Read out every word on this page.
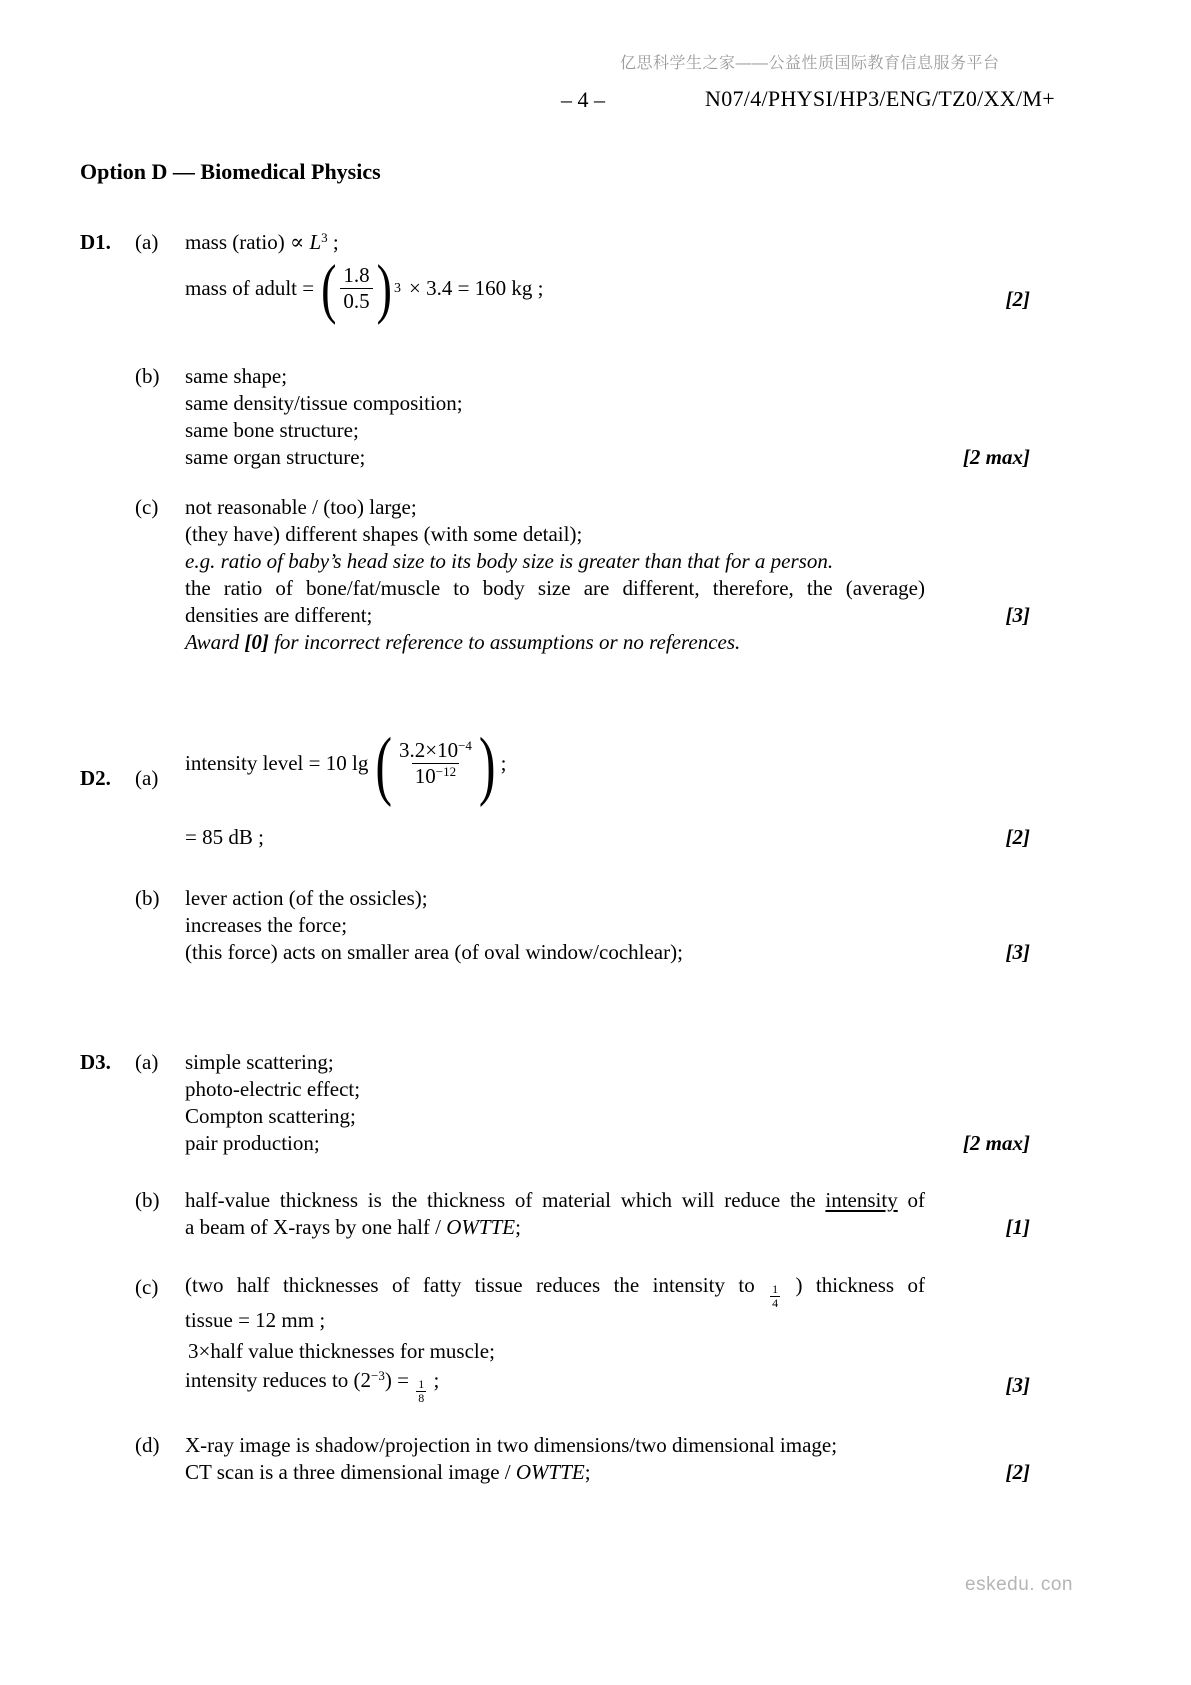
亿思科学生之家——公益性质国际教育信息服务平台
– 4 –	N07/4/PHYSI/HP3/ENG/TZ0/XX/M+
Option D — Biomedical Physics
D1. (a) mass (ratio) ∝ $L^3$ ;
mass of adult = ( $\frac{1.8}{0.5}$ ) 3 × 3.4 = 160 kg ;	[2]
(b) same shape;
same density/tissue composition;
same bone structure;
same organ structure;	[2 max]
(c) not reasonable / (too) large;
(they have) different shapes (with some detail);
e.g. ratio of baby’s head size to its body size is greater than that for a person.
the ratio of bone/fat/muscle to body size are different, therefore, the (average)
densities are different;
Award [0] for incorrect reference to assumptions or no references.
[3]
D2. (a)
intensity level = 10 lg ( $\frac{3.2\times 10^{-4}}{10^{-12}}$ ) ;
= 85 dB ;	[2]
(b) lever action (of the ossicles);
increases the force;
(this force) acts on smaller area (of oval window/cochlear);	[3]
D3. (a) simple scattering;
photo-electric effect;
Compton scattering;
pair production;	[2 max]
(b) half-value thickness is the thickness of material which will reduce the intensity of
a beam of X-rays by one half / OWTTE;	[1]
(c) (two half thicknesses of fatty tissue reduces the intensity to $\frac{1}{4}$ ) thickness of
tissue = 12 mm ;
3×half value thicknesses for muscle;
intensity reduces to $(2^{-3}) = \frac{1}{8}$ ;	[3]
(d) X-ray image is shadow/projection in two dimensions/two dimensional image;
CT scan is a three dimensional image / OWTTE;	[2]
eskedu. con
